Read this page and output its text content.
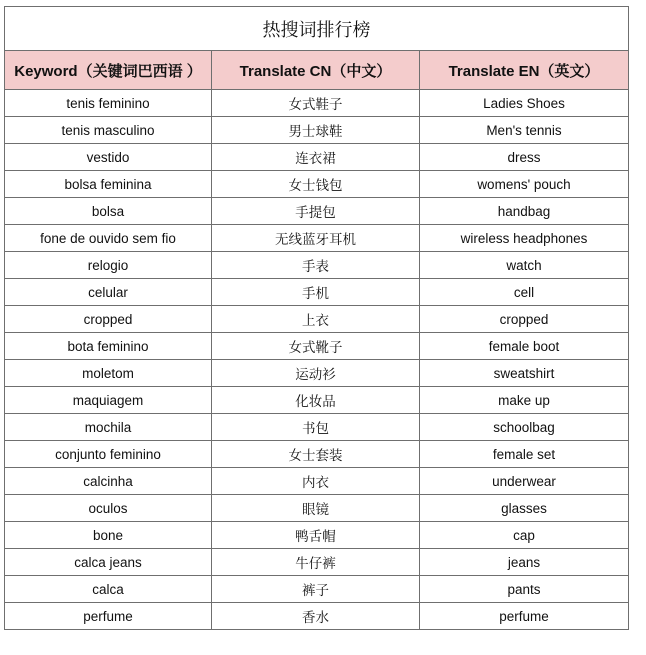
热搜词排行榜		
Keyword（关键词巴西语 ）	Translate CN（中文）	Translate EN（英文）
tenis feminino	女式鞋子	Ladies Shoes
tenis masculino	男士球鞋	Men's tennis
vestido	连衣裙	dress
bolsa feminina	女士钱包	womens' pouch
bolsa	手提包	handbag
fone de ouvido sem fio	无线蓝牙耳机	wireless headphones
relogio	手表	watch
celular	手机	cell
cropped	上衣	cropped
bota feminino	女式靴子	female boot
moletom	运动衫	sweatshirt
maquiagem	化妆品	make up
mochila	书包	schoolbag
conjunto feminino	女士套装	female set
calcinha	内衣	underwear
oculos	眼镜	glasses
bone	鸭舌帽	cap
calca jeans	牛仔裤	jeans
calca	裤子	pants
perfume	香水	perfume
